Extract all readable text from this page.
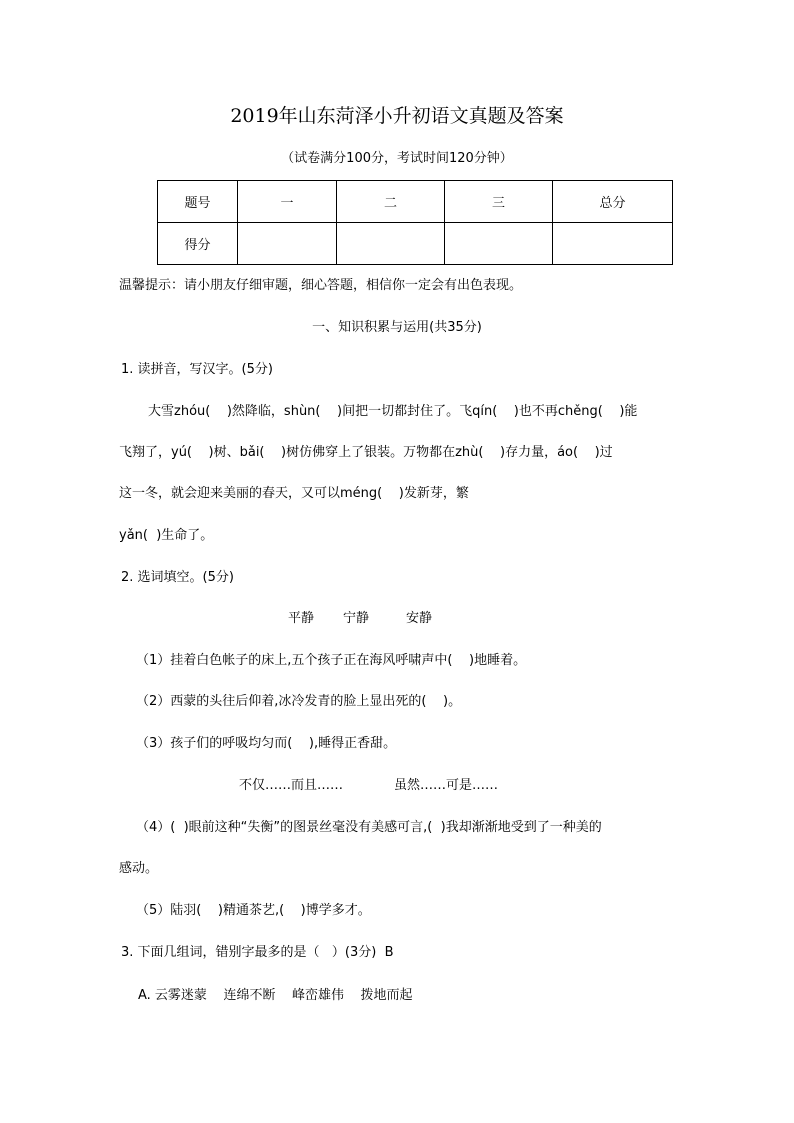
2019年山东菏泽小升初语文真题及答案
（试卷满分100分，考试时间120分钟）
题号	一	二	三	总分
得分				
温馨提示：请小朋友仔细审题，细心答题，相信你一定会有出色表现。
一、知识积累与运用(共35分)
1. 读拼音，写汉字。(5分)
大雪zhóu(    )然降临，shùn(    )间把一切都封住了。飞qín(    )也不再chěng(    )能
飞翔了，yú(    )树、bǎi(    )树仿佛穿上了银装。万物都在zhù(    )存力量，áo(    )过
这一冬，就会迎来美丽的春天，又可以méng(    )发新芽，繁
yǎn(  )生命了。
2. 选词填空。(5分)
平静 宁静	安静
（1）挂着白色帐子的床上,五个孩子正在海风呼啸声中(    )地睡着。
（2）西蒙的头往后仰着,冰冷发青的脸上显出死的(    )。
（3）孩子们的呼吸均匀而(    ),睡得正香甜。
不仅……而且……	虽然……可是……
（4）(  )眼前这种“失衡”的图景丝毫没有美感可言,(  )我却渐渐地受到了一种美的
感动。
（5）陆羽(    )精通茶艺,(    )博学多才。
3. 下面几组词，错别字最多的是（   ）(3分)  B
A. 云雾迷蒙    连绵不断    峰峦雄伟    拨地而起
